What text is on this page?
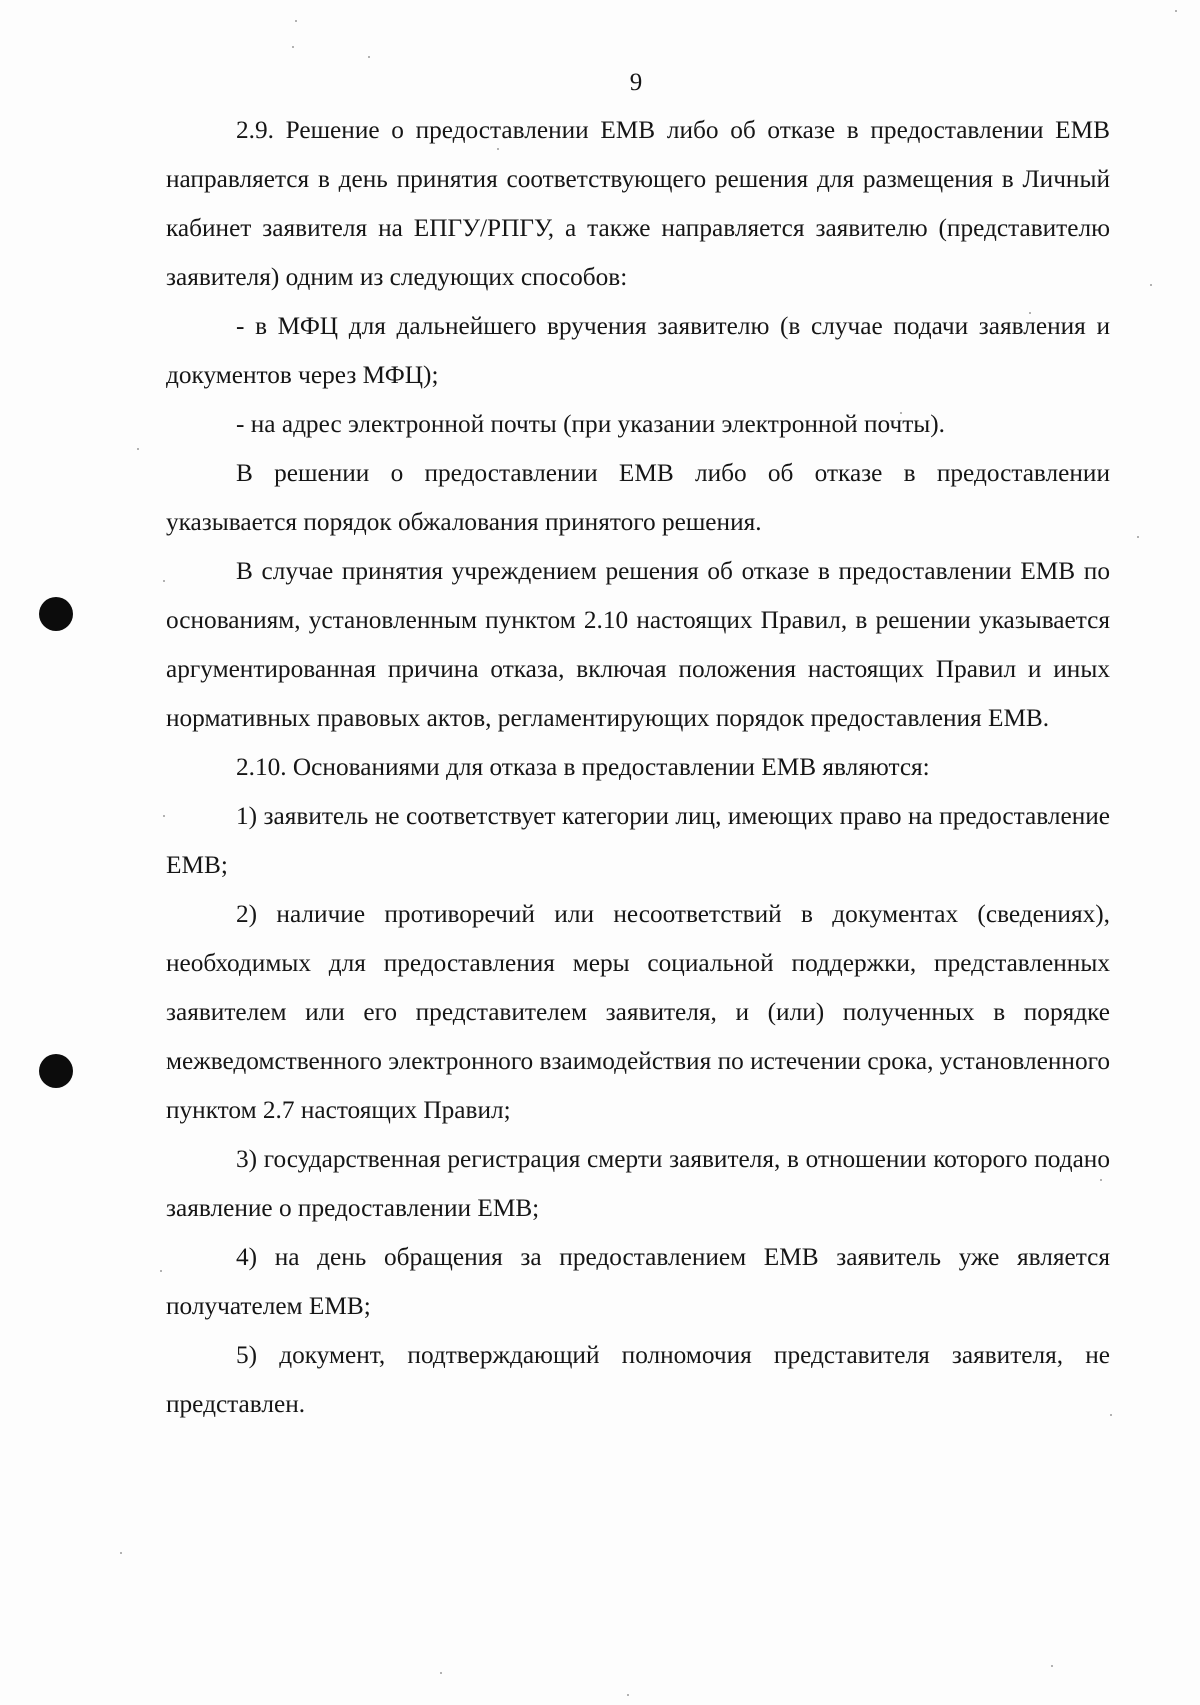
9

2.9. Решение о предоставлении ЕМВ либо об отказе в предоставлении ЕМВ направляется в день принятия соответствующего решения для размещения в Личный кабинет заявителя на ЕПГУ/РПГУ, а также направляется заявителю (представителю заявителя) одним из следующих способов:

- в МФЦ для дальнейшего вручения заявителю (в случае подачи заявления и документов через МФЦ);

- на адрес электронной почты (при указании электронной почты).

В решении о предоставлении ЕМВ либо об отказе в предоставлении указывается порядок обжалования принятого решения.

В случае принятия учреждением решения об отказе в предоставлении ЕМВ по основаниям, установленным пунктом 2.10 настоящих Правил, в решении указывается аргументированная причина отказа, включая положения настоящих Правил и иных нормативных правовых актов, регламентирующих порядок предоставления ЕМВ.

2.10. Основаниями для отказа в предоставлении ЕМВ являются:

1) заявитель не соответствует категории лиц, имеющих право на предоставление ЕМВ;

2) наличие противоречий или несоответствий в документах (сведениях), необходимых для предоставления меры социальной поддержки, представленных заявителем или его представителем заявителя, и (или) полученных в порядке межведомственного электронного взаимодействия по истечении срока, установленного пунктом 2.7 настоящих Правил;

3) государственная регистрация смерти заявителя, в отношении которого подано заявление о предоставлении ЕМВ;

4) на день обращения за предоставлением ЕМВ заявитель уже является получателем ЕМВ;

5) документ, подтверждающий полномочия представителя заявителя, не представлен.
